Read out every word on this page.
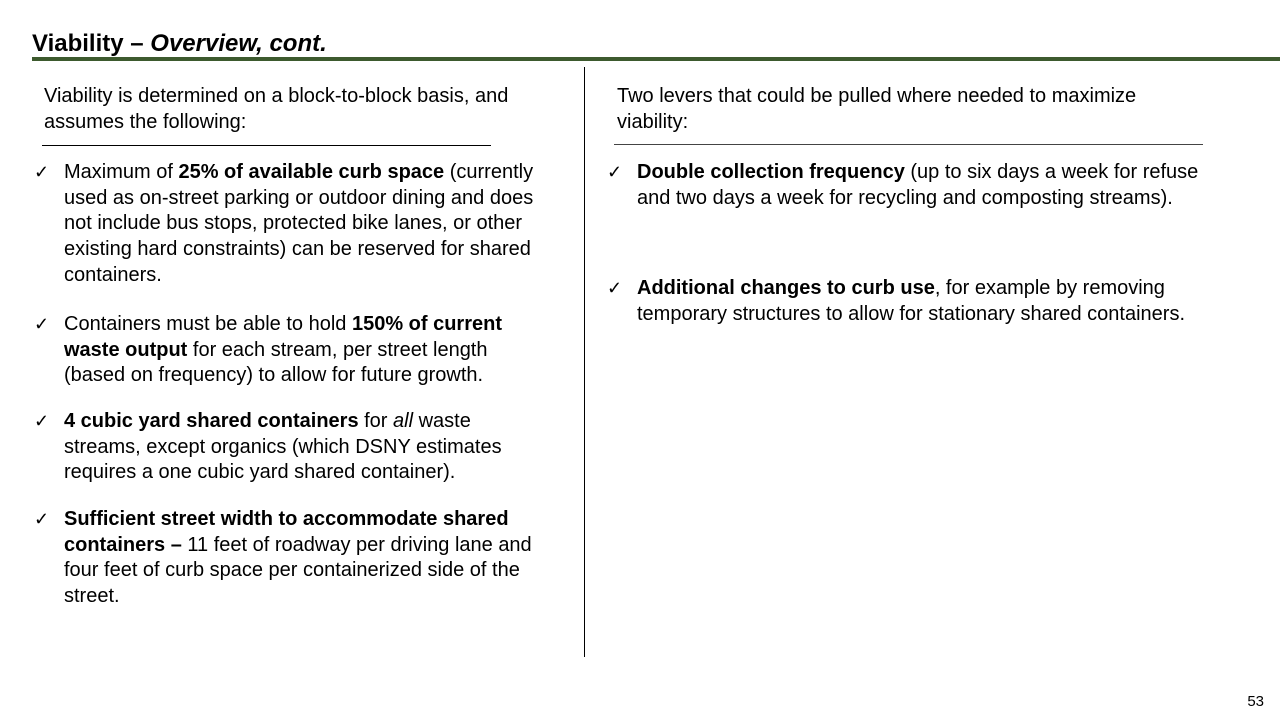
Viability – Overview, cont.

Viability is determined on a block-to-block basis, and assumes the following:

✓ Maximum of 25% of available curb space (currently used as on-street parking or outdoor dining and does not include bus stops, protected bike lanes, or other existing hard constraints) can be reserved for shared containers.
✓ Containers must be able to hold 150% of current waste output for each stream, per street length (based on frequency) to allow for future growth.
✓ 4 cubic yard shared containers for all waste streams, except organics (which DSNY estimates requires a one cubic yard shared container).
✓ Sufficient street width to accommodate shared containers – 11 feet of roadway per driving lane and four feet of curb space per containerized side of the street.

Two levers that could be pulled where needed to maximize viability:

✓ Double collection frequency (up to six days a week for refuse and two days a week for recycling and composting streams).
✓ Additional changes to curb use, for example by removing temporary structures to allow for stationary shared containers.
53
